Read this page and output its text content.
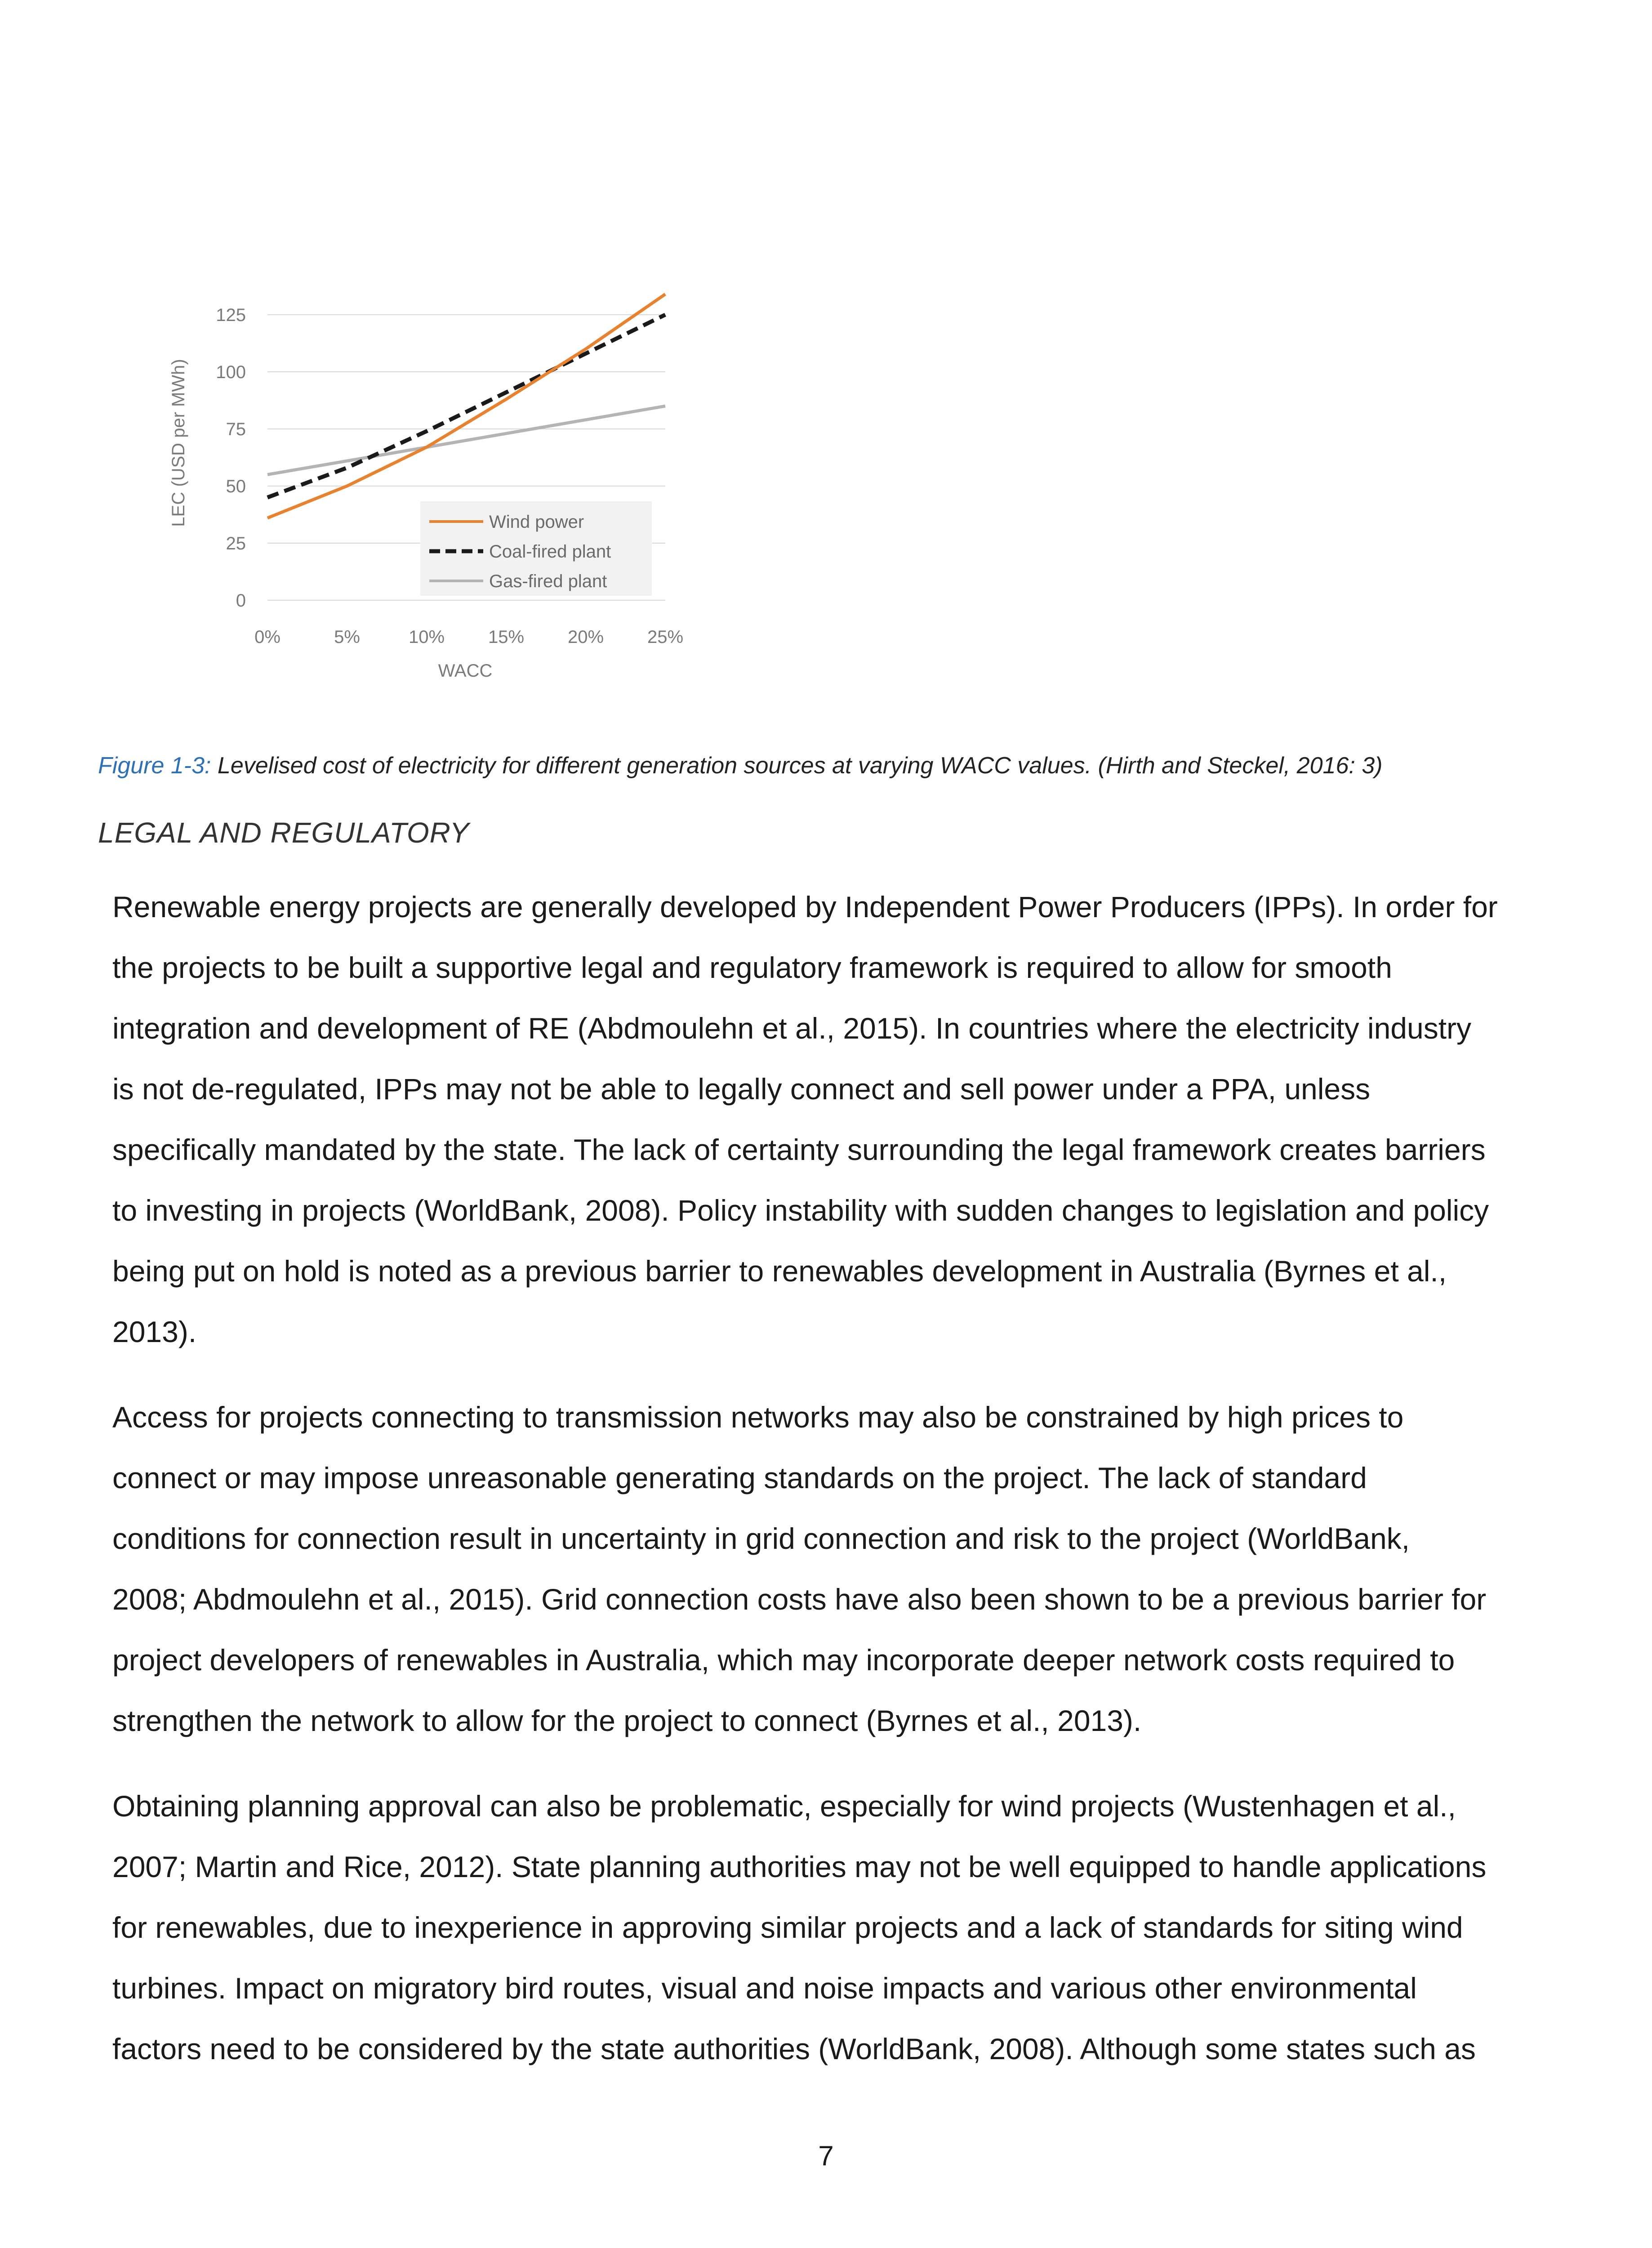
0
25
50
75
100
125
0%	5%	10% 15% 20% 25%
LEC (USD per MWh)
WACC
Wind power
Coal-fired plant
Gas-fired plant
Figure 1-3: Levelised cost of electricity for different generation sources at varying WACC values. (Hirth and Steckel, 2016: 3)
LEGAL AND REGULATORY
Renewable energy projects are generally developed by Independent Power Producers (IPPs). In order for
the projects to be built a supportive legal and regulatory framework is required to allow for smooth
integration and development of RE (Abdmoulehn et al., 2015). In countries where the electricity industry
is not de-regulated, IPPs may not be able to legally connect and sell power under a PPA, unless
specifically mandated by the state. The lack of certainty surrounding the legal framework creates barriers
to investing in projects (WorldBank, 2008). Policy instability with sudden changes to legislation and policy
being put on hold is noted as a previous barrier to renewables development in Australia (Byrnes et al.,
2013).
Access for projects connecting to transmission networks may also be constrained by high prices to
connect or may impose unreasonable generating standards on the project. The lack of standard
conditions for connection result in uncertainty in grid connection and risk to the project (WorldBank,
2008; Abdmoulehn et al., 2015). Grid connection costs have also been shown to be a previous barrier for
project developers of renewables in Australia, which may incorporate deeper network costs required to
strengthen the network to allow for the project to connect (Byrnes et al., 2013).
Obtaining planning approval can also be problematic, especially for wind projects (Wustenhagen et al.,
2007; Martin and Rice, 2012). State planning authorities may not be well equipped to handle applications
for renewables, due to inexperience in approving similar projects and a lack of standards for siting wind
turbines. Impact on migratory bird routes, visual and noise impacts and various other environmental
factors need to be considered by the state authorities (WorldBank, 2008). Although some states such as
7
